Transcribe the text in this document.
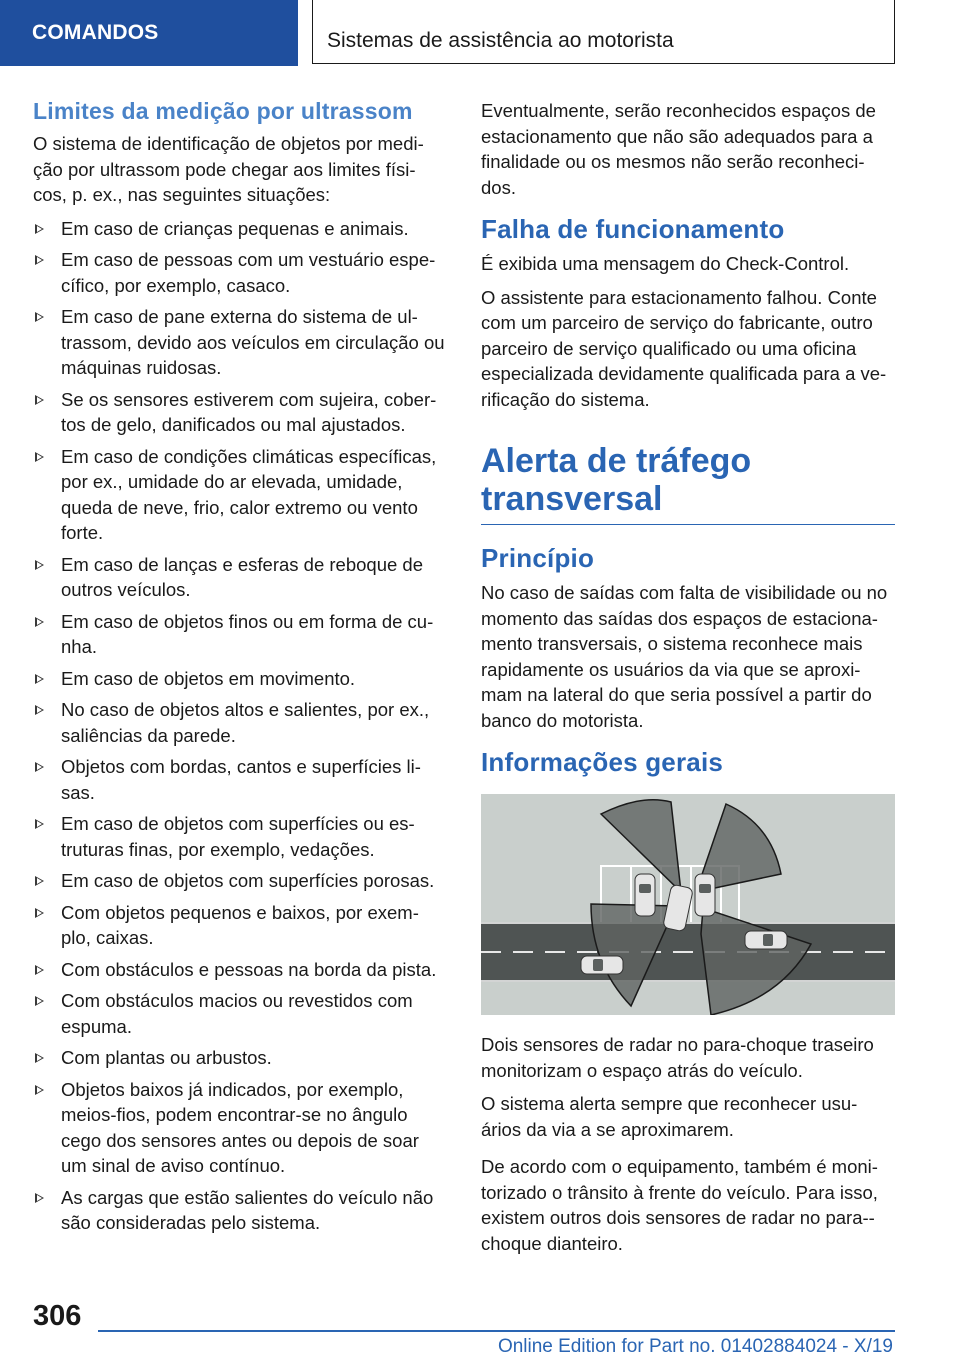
COMANDOS	Sistemas de assistência ao motorista
Limites da medição por ultrassom

O sistema de identificação de objetos por medi-ção por ultrassom pode chegar aos limites físi-cos, p. ex., nas seguintes situações:

Em caso de crianças pequenas e animais.
Em caso de pessoas com um vestuário espe-cífico, por exemplo, casaco.
Em caso de pane externa do sistema de ul-trassom, devido aos veículos em circulação ou máquinas ruidosas.
Se os sensores estiverem com sujeira, cober-tos de gelo, danificados ou mal ajustados.
Em caso de condições climáticas específicas, por ex., umidade do ar elevada, umidade, queda de neve, frio, calor extremo ou vento forte.
Em caso de lanças e esferas de reboque de outros veículos.
Em caso de objetos finos ou em forma de cu-nha.
Em caso de objetos em movimento.
No caso de objetos altos e salientes, por ex., saliências da parede.
Objetos com bordas, cantos e superfícies li-sas.
Em caso de objetos com superfícies ou es-truturas finas, por exemplo, vedações.
Em caso de objetos com superfícies porosas.
Com objetos pequenos e baixos, por exem-plo, caixas.
Com obstáculos e pessoas na borda da pista.
Com obstáculos macios ou revestidos com espuma.
Com plantas ou arbustos.
Objetos baixos já indicados, por exemplo, meios-fios, podem encontrar-se no ângulo cego dos sensores antes ou depois de soar um sinal de aviso contínuo.
As cargas que estão salientes do veículo não são consideradas pelo sistema.

Eventualmente, serão reconhecidos espaços de estacionamento que não são adequados para a finalidade ou os mesmos não serão reconheci-dos.

Falha de funcionamento

É exibida uma mensagem do Check-Control.

O assistente para estacionamento falhou. Conte com um parceiro de serviço do fabricante, outro parceiro de serviço qualificado ou uma oficina especializada devidamente qualificada para a ve-rificação do sistema.

Alerta de tráfego transversal
Princípio

No caso de saídas com falta de visibilidade ou no momento das saídas dos espaços de estaciona-mento transversais, o sistema reconhece mais rapidamente os usuários da via que se aproxi-mam na lateral do que seria possível a partir do banco do motorista.

Informações gerais

Dois sensores de radar no para-choque traseiro monitorizam o espaço atrás do veículo.

O sistema alerta sempre que reconhecer usu-ários da via a se aproximarem.

De acordo com o equipamento, também é moni-torizado o trânsito à frente do veículo. Para isso, existem outros dois sensores de radar no para--choque dianteiro.

306
Online Edition for Part no. 01402884024 - X/19
